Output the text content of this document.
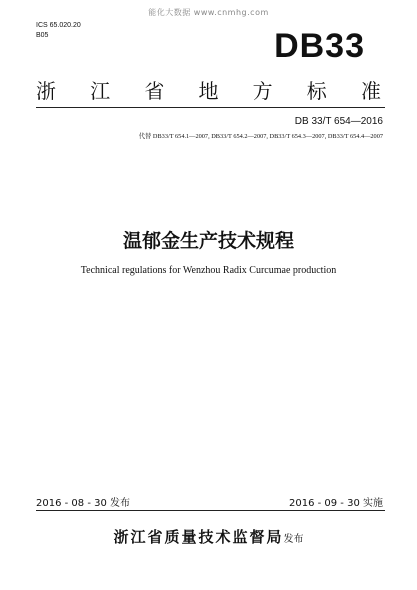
能化大数据 www.cnmhg.com
ICS 65.020.20
B05	DB33
浙 江 省 地 方 标 准
DB 33/T 654—2016
代替 DB33/T 654.1—2007, DB33/T 654.2—2007, DB33/T 654.3—2007, DB33/T 654.4—2007
温郁金生产技术规程
Technical regulations for Wenzhou Radix Curcumae production
2016 - 08 - 30 发布	2016 - 09 - 30 实施
浙江省质量技术监督局发布
